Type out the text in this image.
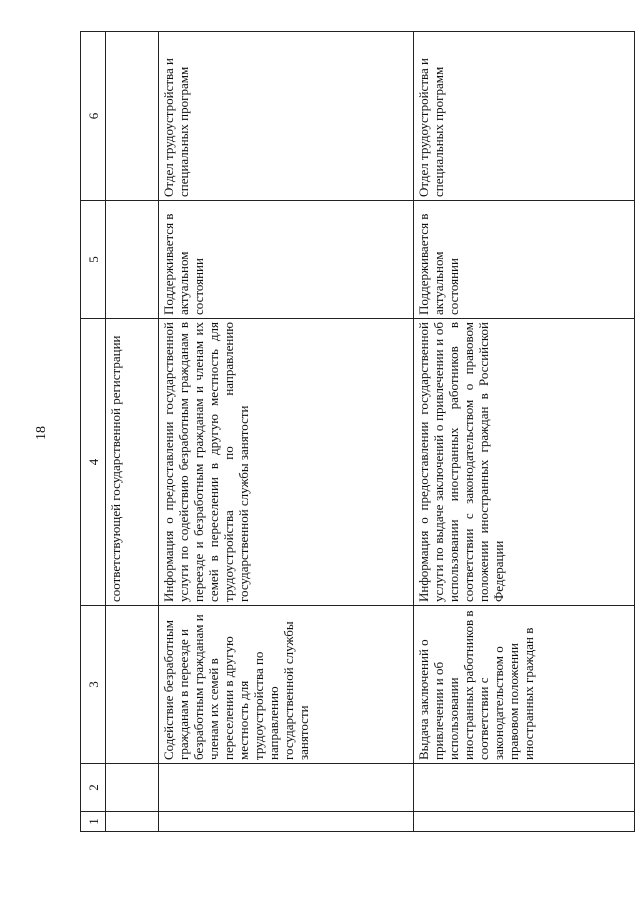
18
1	2	3	4	5	6
			соответствующей государственной регистрации		
		Содействие безработным гражданам в переезде и безработным гражданам и членам их семей в переселении в другую местность для трудоустройства по направлению государственной службы занятости	Информация о предоставлении государственной услуги по содействию безработным гражданам в переезде и безработным гражданам и членам их семей в переселении в другую местность для трудоустройства по направлению государственной службы занятости	Поддерживается в актуальном состоянии	Отдел трудоустройства и специальных программ
		Выдача заключений о привлечении и об использовании иностранных работников в соответствии с законодательством о правовом положении иностранных граждан в	Информация о предоставлении государственной услуги по выдаче заключений о привлечении и об использовании иностранных работников в соответствии с законодательством о правовом положении иностранных граждан в Российской Федерации	Поддерживается в актуальном состоянии	Отдел трудоустройства и специальных программ
